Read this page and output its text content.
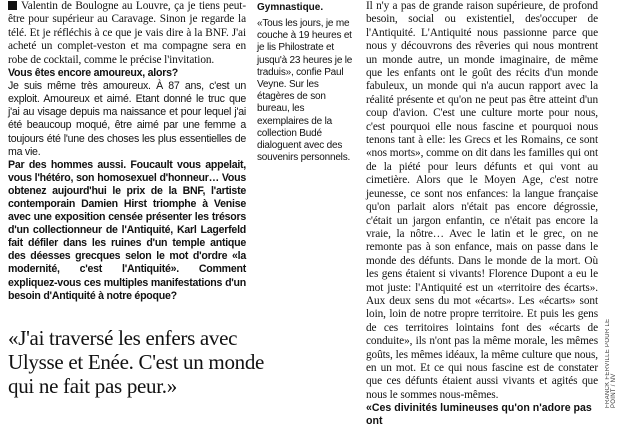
Valentin de Boulogne au Louvre, ça je tiens peut-être pour supérieur au Caravage. Sinon je regarde la télé. Et je réfléchis à ce que je vais dire à la BNF. J'ai acheté un complet-veston et ma compagne sera en robe de cocktail, comme le précise l'invitation.

Vous êtes encore amoureux, alors?

Je suis même très amoureux. À 87 ans, c'est un exploit. Amoureux et aimé. Etant donné le truc que j'ai au visage depuis ma naissance et pour lequel j'ai été beaucoup moqué, être aimé par une femme a toujours été l'une des choses les plus essentielles de ma vie.

Par des hommes aussi. Foucault vous appelait, vous l'hétéro, son homosexuel d'honneur… Vous obtenez aujourd'hui le prix de la BNF, l'artiste contemporain Damien Hirst triomphe à Venise avec une exposition censée présenter les trésors d'un collectionneur de l'Antiquité, Karl Lagerfeld fait défiler dans les ruines d'un temple antique des déesses grecques selon le mot d'ordre «la modernité, c'est l'Antiquité». Comment expliquez-vous ces multiples manifestations d'un besoin d'Antiquité à notre époque?

«J'ai traversé les enfers avec Ulysse et Enée. C'est un monde qui ne fait pas peur.»

Gymnastique.

«Tous les jours, je me couche à 19 heures et je lis Philostrate et jusqu'à 23 heures je le traduis», confie Paul Veyne. Sur les étagères de son bureau, les exemplaires de la collection Budé dialoguent avec des souvenirs personnels.

Il n'y a pas de grande raison supérieure, de profond besoin, social ou existentiel, des'occuper de l'Antiquité. L'Antiquité nous passionne parce que nous y découvrons des rêveries qui nous montrent un monde autre, un monde imaginaire, de même que les enfants ont le goût des récits d'un monde fabuleux, un monde qui n'a aucun rapport avec la réalité présente et qu'on ne peut pas être atteint d'un coup d'avion. C'est une culture morte pour nous, c'est pourquoi elle nous fascine et pourquoi nous tenons tant à elle: les Grecs et les Romains, ce sont «nos morts», comme on dit dans les familles qui ont de la piété pour leurs défunts et qui vont au cimetière. Alors que le Moyen Age, c'est notre jeunesse, ce sont nos enfances: la langue française qu'on parlait alors n'était pas encore dégrossie, c'était un jargon enfantin, ce n'était pas encore la vraie, la nôtre… Avec le latin et le grec, on ne remonte pas à son enfance, mais on passe dans le monde des défunts. Dans le monde de la mort. Où les gens étaient si vivants! Florence Dupont a eu le mot juste: l'Antiquité est un «territoire des écarts». Aux deux sens du mot «écarts». Les «écarts» sont loin, loin de notre propre territoire. Et puis les gens de ces territoires lointains font des «écarts de conduite», ils n'ont pas la même morale, les mêmes goûts, les mêmes idéaux, la même culture que nous, en un mot. Et ce qui nous fascine est de constater que ces défunts étaient aussi vivants et agités que nous le sommes nous-mêmes.

«Ces divinités lumineuses qu'on n'adore pas ont

FRANCK FERVILLE POUR LE POINT / NV
